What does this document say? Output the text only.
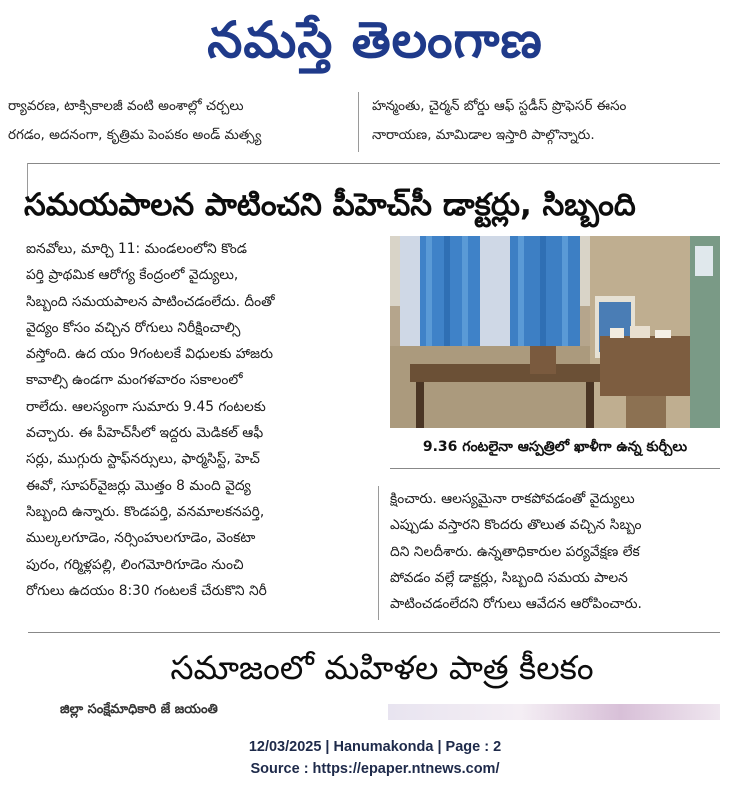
నమస్తే తెలంగాణ
ర్యావరణ, టాక్సికాలజీ వంటి అంశాల్లో చర్చలు
రగడం, అదనంగా, కృత్రిమ పెంపకం అండ్ మత్స్య
హన్మంతు, చైర్మన్ బోర్డు ఆఫ్ స్టడీస్ ప్రొఫెసర్ ఈసం
నారాయణ, మామిడాల ఇస్తారి పాల్గొన్నారు.
సమయపాలన పాటించని పీహెచ్‌సీ డాక్టర్లు, సిబ్బంది
ఐనవోలు, మార్చి 11: మండలంలోని కొండ
పర్తి ప్రాథమిక ఆరోగ్య కేంద్రంలో వైద్యులు,
సిబ్బంది సమయపాలన పాటించడంలేదు. దీంతో
వైద్యం కోసం వచ్చిన రోగులు నిరీక్షించాల్సి
వస్తోంది. ఉద యం 9గంటలకే విధులకు హాజరు
కావాల్సి ఉండగా మంగళవారం సకాలంలో
రాలేదు. ఆలస్యంగా సుమారు 9.45 గంటలకు
వచ్చారు. ఈ పీహెచ్‌సీలో ఇద్దరు మెడికల్ ఆఫీ
సర్లు, ముగ్గురు స్టాఫ్‌నర్సులు, ఫార్మసిస్ట్, హెచ్
ఈవో, సూపర్‌వైజర్లు మొత్తం 8 మంది వైద్య
సిబ్బంది ఉన్నారు. కొండపర్తి, వనమాలకనపర్తి,
ముల్కలగూడెం, నర్సింహులగూడెం, వెంకటా
పురం, గర్మిళ్లపల్లి, లింగమోరిగూడెం నుంచి
రోగులు ఉదయం 8:30 గంటలకే చేరుకొని నిరీ
9.36 గంటలైనా ఆస్పత్రిలో ఖాళీగా ఉన్న కుర్చీలు
క్షించారు. ఆలస్యమైనా రాకపోవడంతో వైద్యులు
ఎప్పుడు వస్తారని కొందరు తొలుత వచ్చిన సిబ్బం
దిని నిలదీశారు. ఉన్నతాధికారుల పర్యవేక్షణ లేక
పోవడం వల్లే డాక్టర్లు, సిబ్బంది సమయ పాలన
పాటించడంలేదని రోగులు ఆవేదన ఆరోపించారు.
సమాజంలో మహిళల పాత్ర కీలకం
జిల్లా సంక్షేమాధికారి జే జయంతి
12/03/2025 | Hanumakonda | Page : 2
Source : https://epaper.ntnews.com/
